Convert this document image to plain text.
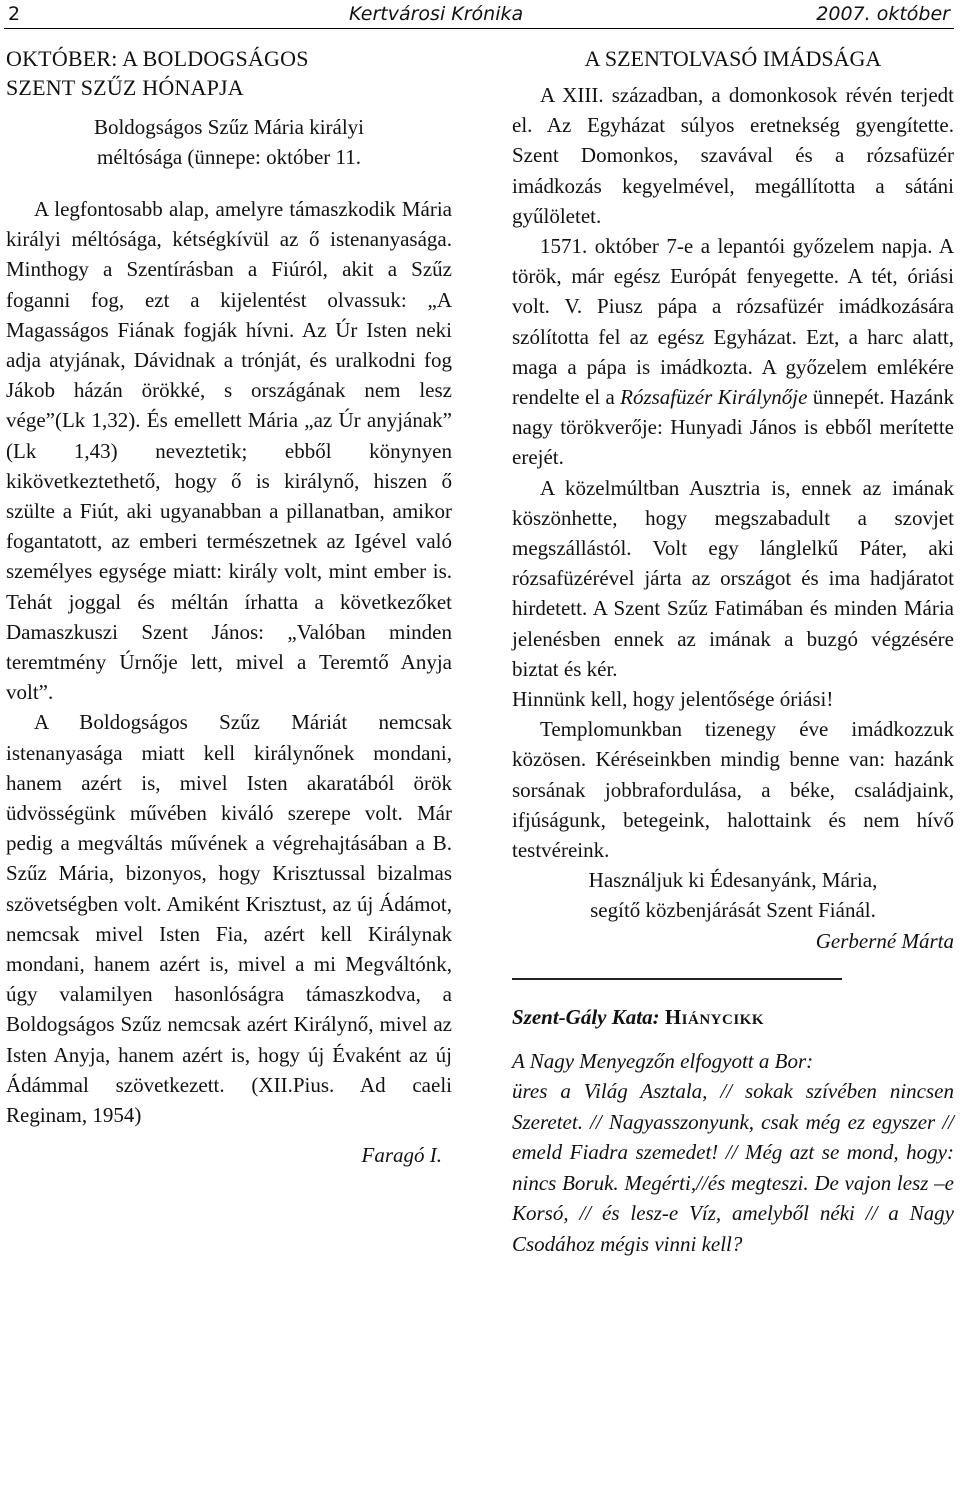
2	Kertvárosi Krónika	2007. október
OKTÓBER: A BOLDOGSÁGOS
SZENT SZŰZ HÓNAPJA
Boldogságos Szűz Mária királyi
méltósága (ünnepe: október 11.

A legfontosabb alap, amelyre támaszkodik Mária királyi méltósága, kétségkívül az ő istenanyasága. Minthogy a Szentírásban a Fiúról, akit a Szűz foganni fog, ezt a kijelentést olvassuk: „A Magasságos Fiának fogják hívni. Az Úr Isten neki adja atyjának, Dávidnak a trónját, és uralkodni fog Jákob házán örökké, s országának nem lesz vége”(Lk 1,32). És emellett Mária „az Úr anyjának” (Lk 1,43) neveztetik; ebből könynyen kikövetkeztethető, hogy ő is királynő, hiszen ő szülte a Fiút, aki ugyanabban a pillanatban, amikor fogantatott, az emberi természetnek az Igével való személyes egysége miatt: király volt, mint ember is. Tehát joggal és méltán írhatta a következőket Damaszkuszi Szent János: „Valóban minden teremtmény Úrnője lett, mivel a Teremtő Anyja volt”.

A Boldogságos Szűz Máriát nemcsak istenanyasága miatt kell királynőnek mondani, hanem azért is, mivel Isten akaratából örök üdvösségünk művében kiváló szerepe volt. Már pedig a megváltás művének a végrehajtásában a B. Szűz Mária, bizonyos, hogy Krisztussal bizalmas szövetségben volt. Amiként Krisztust, az új Ádámot, nemcsak mivel Isten Fia, azért kell Királynak mondani, hanem azért is, mivel a mi Megváltónk, úgy valamilyen hasonlóságra támaszkodva, a Boldogságos Szűz nemcsak azért Királynő, mivel az Isten Anyja, hanem azért is, hogy új Évaként az új Ádámmal szövetkezett. (XII.Pius. Ad caeli Reginam, 1954)

Faragó I.

A SZENTOLVASÓ IMÁDSÁGA

A XIII. században, a domonkosok révén terjedt el. Az Egyházat súlyos eretnekség gyengítette. Szent Domonkos, szavával és a rózsafüzér imádkozás kegyelmével, megállította a sátáni gyűlöletet.

1571. október 7-e a lepantói győzelem napja. A török, már egész Európát fenyegette. A tét, óriási volt. V. Piusz pápa a rózsafüzér imádkozására szólította fel az egész Egyházat. Ezt, a harc alatt, maga a pápa is imádkozta. A győzelem emlékére rendelte el a Rózsafüzér Királynője ünnepét. Hazánk nagy törökverője: Hunyadi János is ebből merítette erejét.

A közelmúltban Ausztria is, ennek az imának köszönhette, hogy megszabadult a szovjet megszállástól. Volt egy lánglelkű Páter, aki rózsafüzérével járta az országot és ima hadjáratot hirdetett. A Szent Szűz Fatimában és minden Mária jelenésben ennek az imának a buzgó végzésére biztat és kér.

Hinnünk kell, hogy jelentősége óriási!

Templomunkban tizenegy éve imádkozzuk közösen. Kéréseinkben mindig benne van: hazánk sorsának jobbrafordulása, a béke, családjaink, ifjúságunk, betegeink, halottaink és nem hívő testvéreink.

Használjuk ki Édesanyánk, Mária,

segítő közbenjárását Szent Fiánál.

Gerberné Márta

Szent-Gály Kata: Hiánycikk

A Nagy Menyegzőn elfogyott a Bor:

üres a Világ Asztala, // sokak szívében nincsen Szeretet. // Nagyasszonyunk, csak még ez egyszer // emeld Fiadra szemedet! // Még azt se mond, hogy: nincs Boruk. Megérti,//és megteszi. De vajon lesz –e Korsó, // és lesz-e Víz, amelyből néki // a Nagy Csodához mégis vinni kell?
